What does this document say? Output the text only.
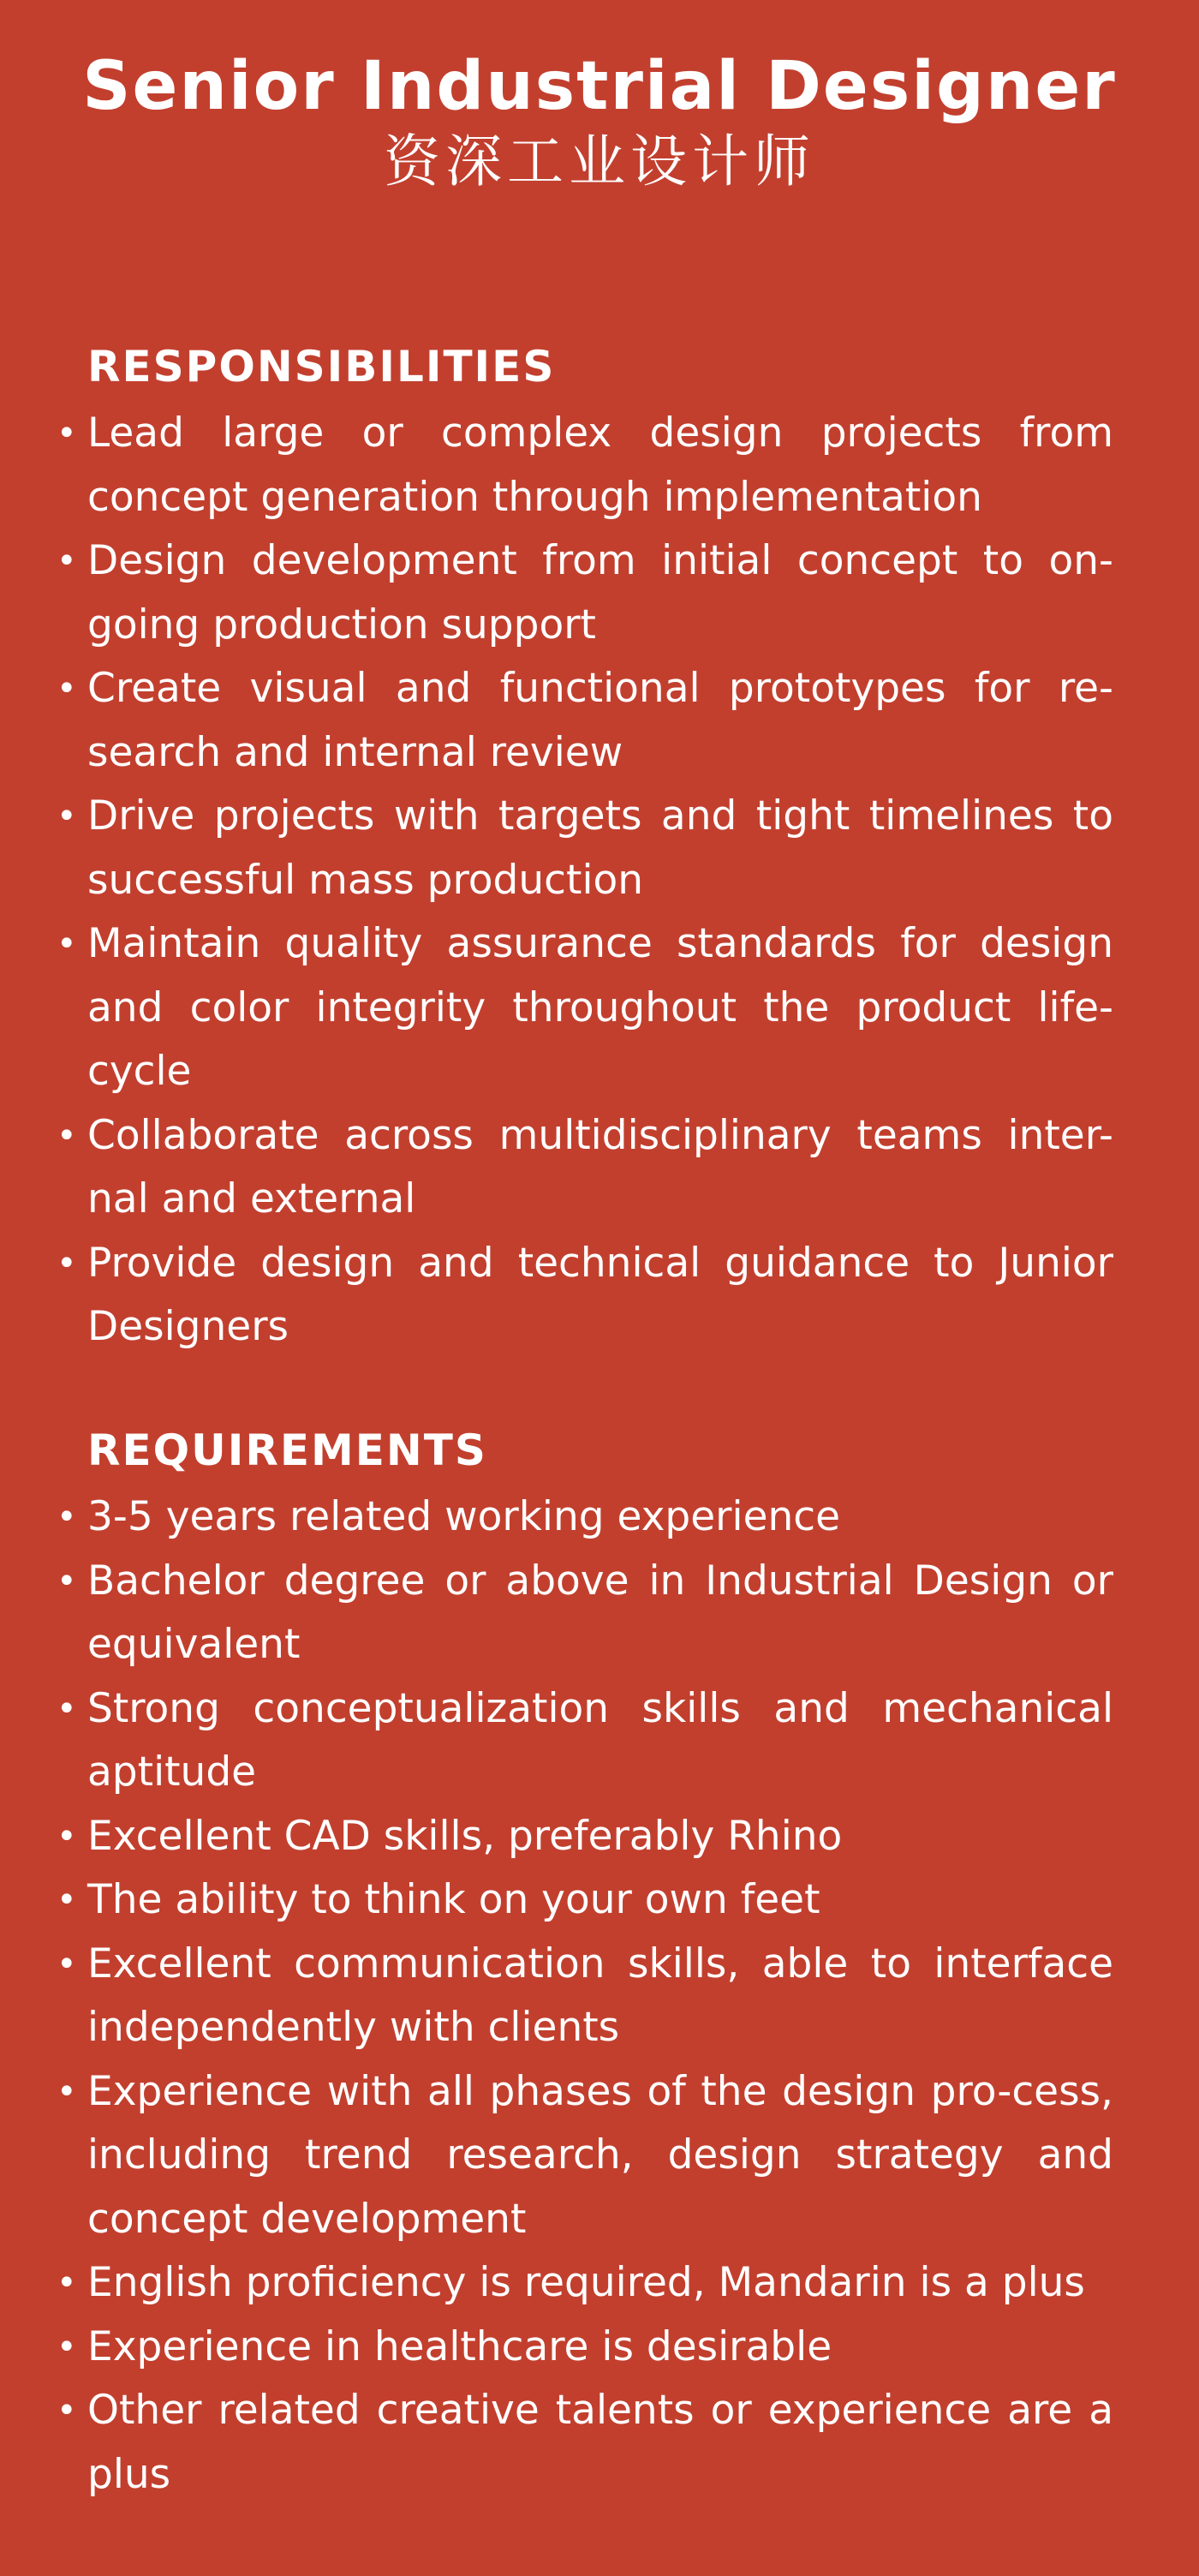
Senior Industrial Designer
资深工业设计师
RESPONSIBILITIES
• Lead large or complex design projects from concept generation through implementation
• Design development from initial concept to on-going production support
• Create visual and functional prototypes for re-search and internal review
• Drive projects with targets and tight timelines to successful mass production
• Maintain quality assurance standards for design and color integrity throughout the product life-cycle
• Collaborate across multidisciplinary teams inter-nal and external
• Provide design and technical guidance to Junior Designers
REQUIREMENTS
• 3-5 years related working experience
• Bachelor degree or above in Industrial Design or equivalent
• Strong conceptualization skills and mechanical aptitude
• Excellent CAD skills, preferably Rhino
• The ability to think on your own feet
• Excellent communication skills, able to interface independently with clients
• Experience with all phases of the design pro-cess, including trend research, design strategy and concept development
• English proficiency is required, Mandarin is a plus
• Experience in healthcare is desirable
• Other related creative talents or experience are a plus
